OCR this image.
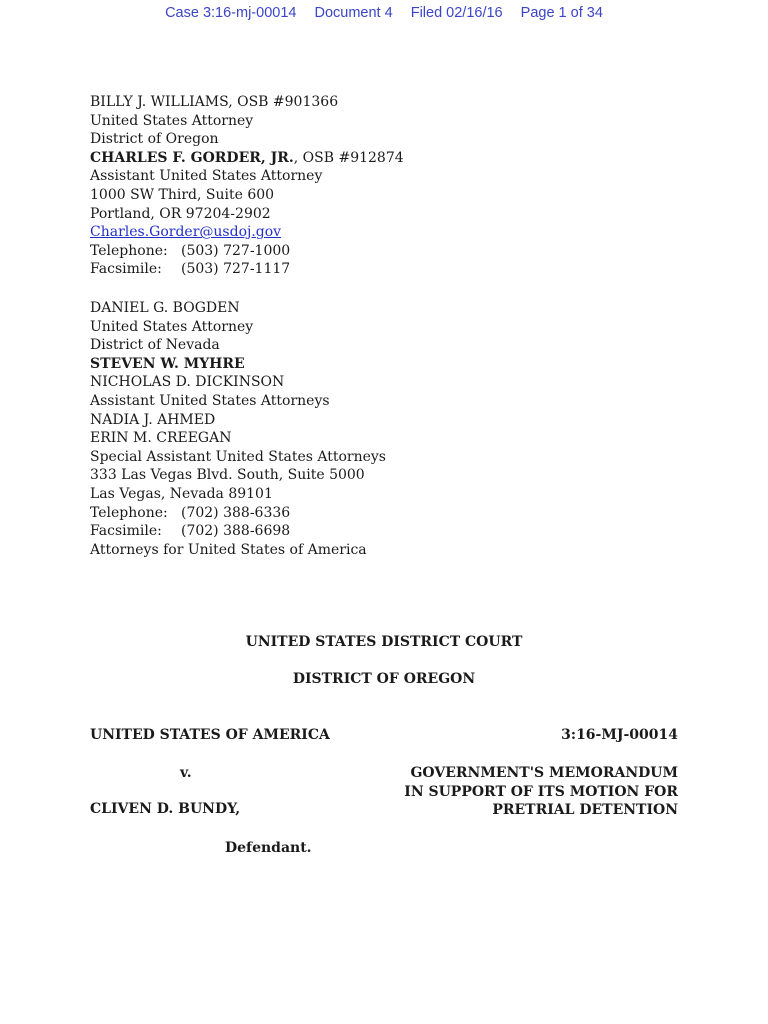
Case 3:16-mj-00014 Document 4 Filed 02/16/16 Page 1 of 34
BILLY J. WILLIAMS, OSB #901366
United States Attorney
District of Oregon
CHARLES F. GORDER, JR., OSB #912874
Assistant United States Attorney
1000 SW Third, Suite 600
Portland, OR 97204-2902
Charles.Gorder@usdoj.gov
Telephone: (503) 727-1000
Facsimile: (503) 727-1117
DANIEL G. BOGDEN
United States Attorney
District of Nevada
STEVEN W. MYHRE
NICHOLAS D. DICKINSON
Assistant United States Attorneys
NADIA J. AHMED
ERIN M. CREEGAN
Special Assistant United States Attorneys
333 Las Vegas Blvd. South, Suite 5000
Las Vegas, Nevada 89101
Telephone: (702) 388-6336
Facsimile: (702) 388-6698
Attorneys for United States of America
UNITED STATES DISTRICT COURT
DISTRICT OF OREGON
UNITED STATES OF AMERICA	3:16-MJ-00014
v.	GOVERNMENT'S MEMORANDUM
IN SUPPORT OF ITS MOTION FOR
PRETRIAL DETENTION
CLIVEN D. BUNDY,
Defendant.
